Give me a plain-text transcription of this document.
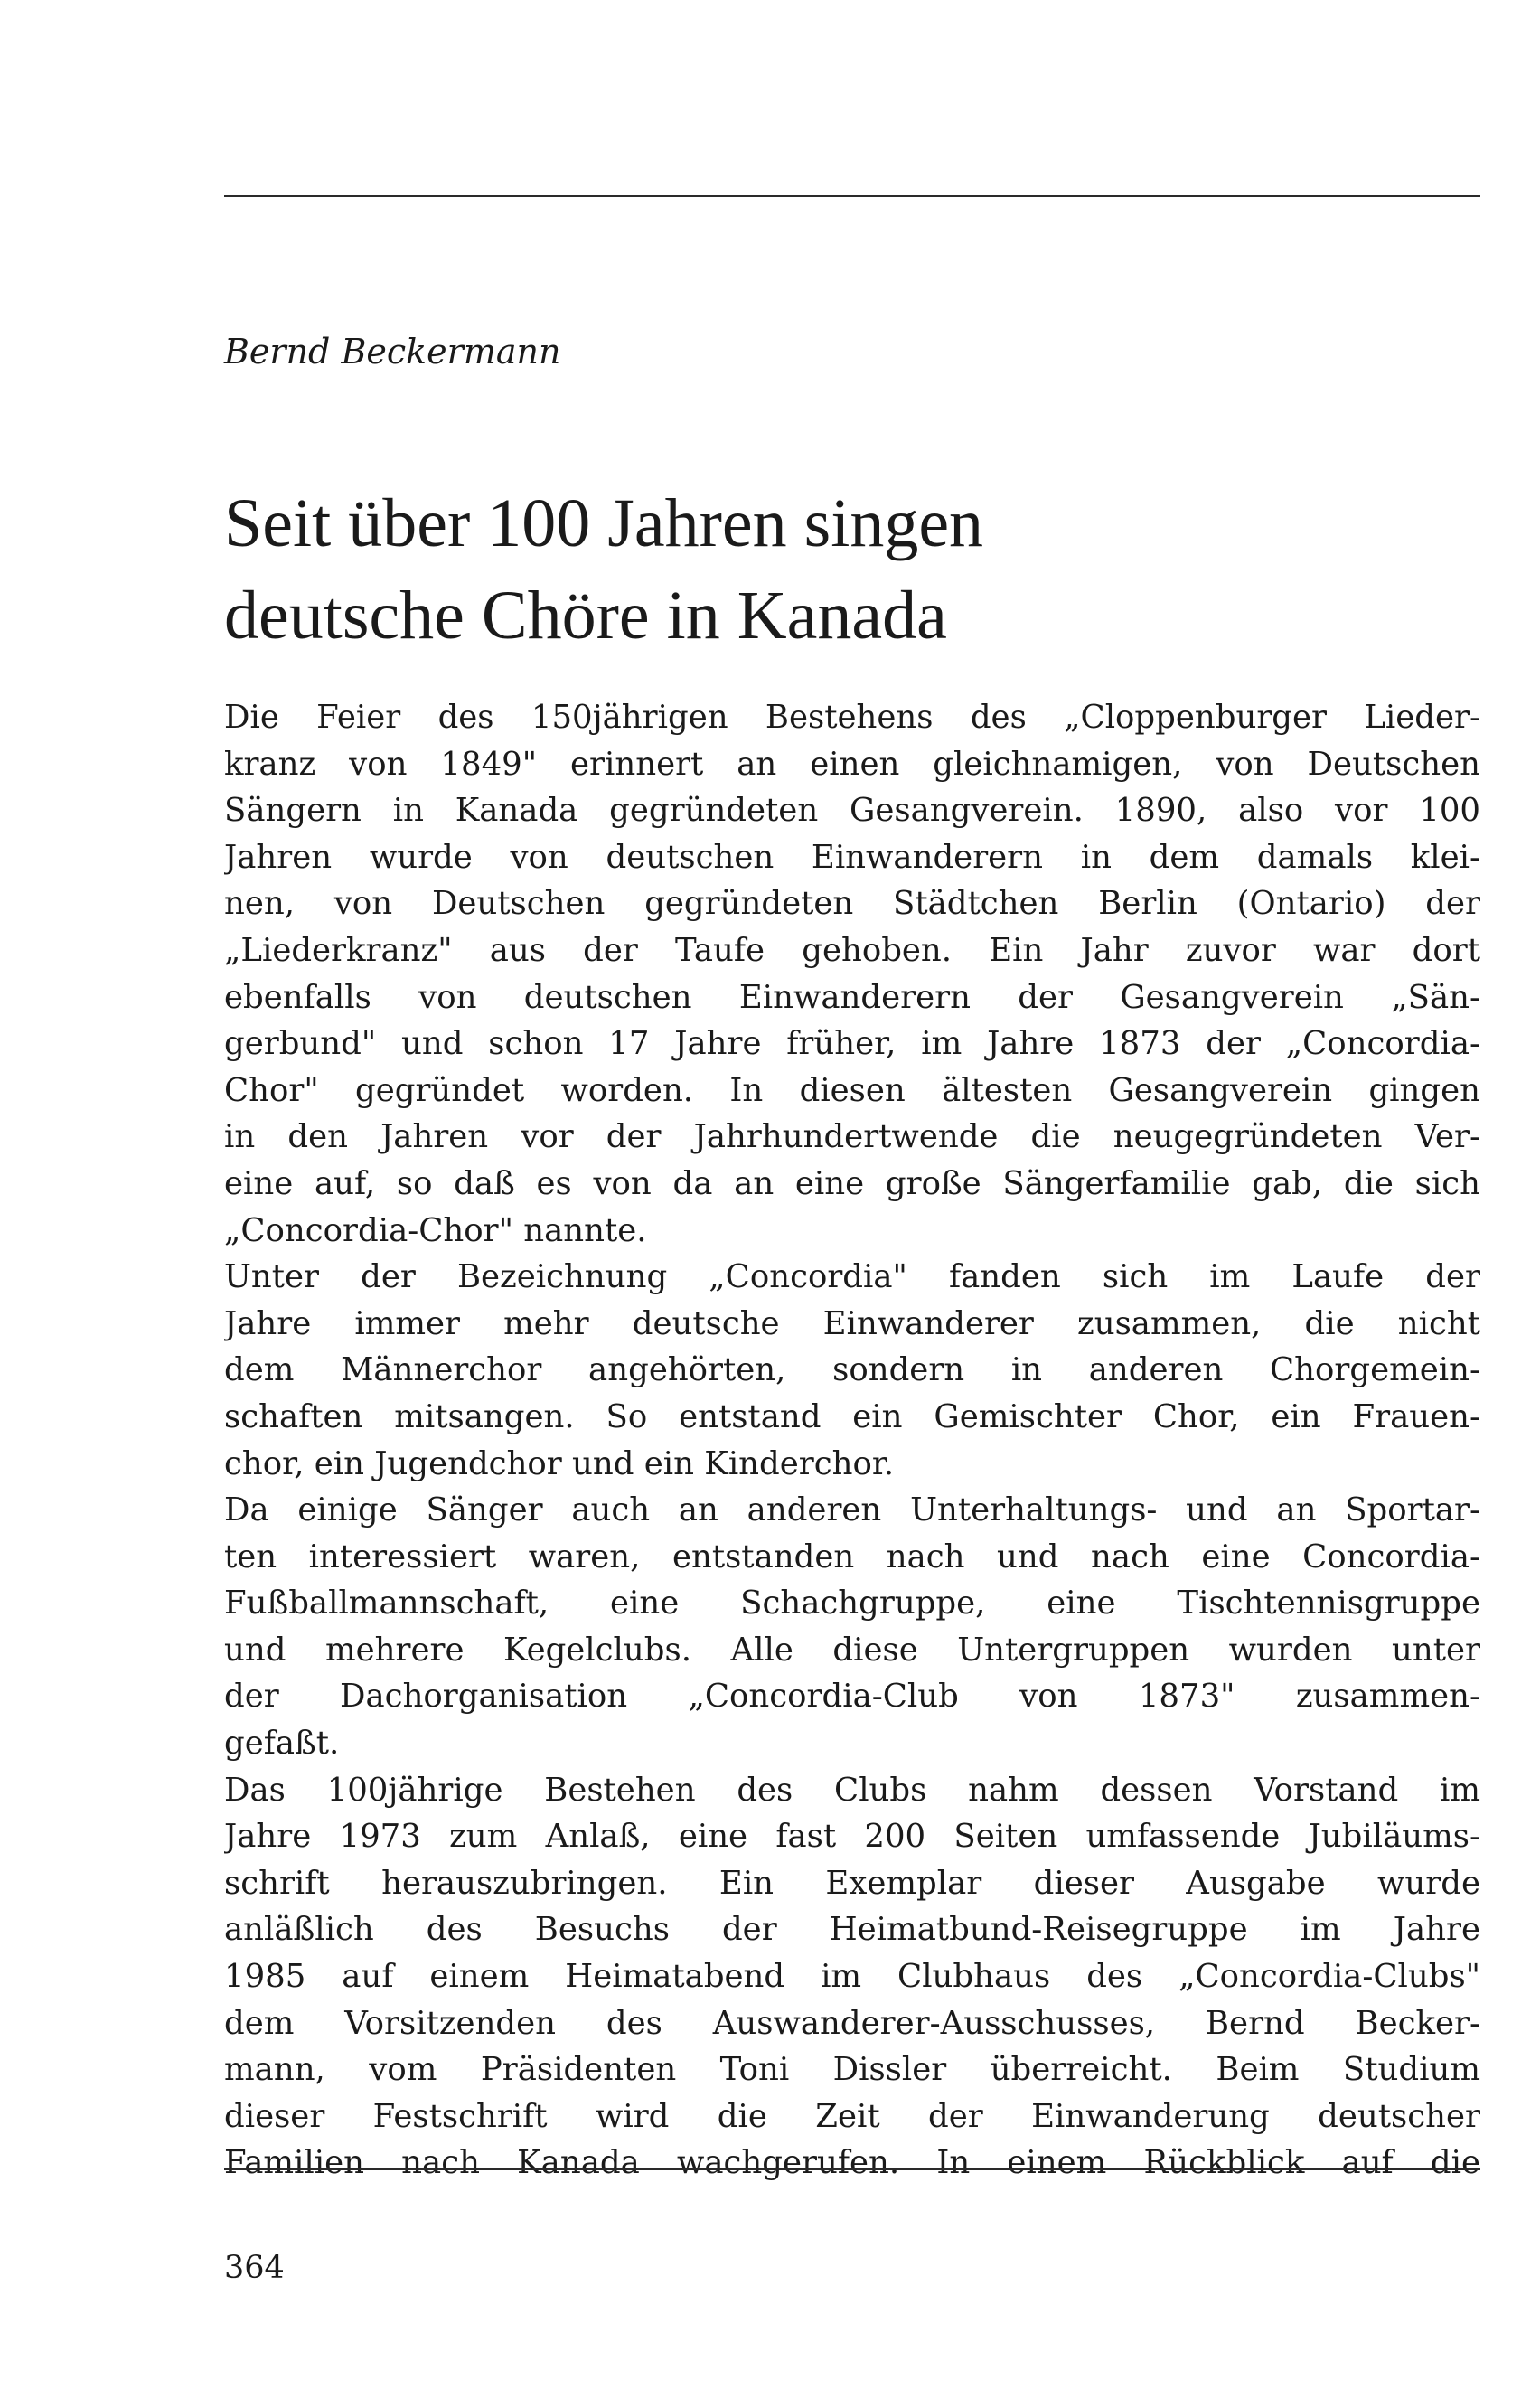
Bernd Beckermann
Seit über 100 Jahren singen
deutsche Chöre in Kanada
Die Feier des 150jährigen Bestehens des „Cloppenburger Lieder-
kranz von 1849" erinnert an einen gleichnamigen, von Deutschen
Sängern in Kanada gegründeten Gesangverein. 1890, also vor 100
Jahren wurde von deutschen Einwanderern in dem damals klei-
nen, von Deutschen gegründeten Städtchen Berlin (Ontario) der
„Liederkranz" aus der Taufe gehoben. Ein Jahr zuvor war dort
ebenfalls von deutschen Einwanderern der Gesangverein „Sän-
gerbund" und schon 17 Jahre früher, im Jahre 1873 der „Concordia-
Chor" gegründet worden. In diesen ältesten Gesangverein gingen
in den Jahren vor der Jahrhundertwende die neugegründeten Ver-
eine auf, so daß es von da an eine große Sängerfamilie gab, die sich
„Concordia-Chor" nannte.
Unter der Bezeichnung „Concordia" fanden sich im Laufe der
Jahre immer mehr deutsche Einwanderer zusammen, die nicht
dem Männerchor angehörten, sondern in anderen Chorgemein-
schaften mitsangen. So entstand ein Gemischter Chor, ein Frauen-
chor, ein Jugendchor und ein Kinderchor.
Da einige Sänger auch an anderen Unterhaltungs- und an Sportar-
ten interessiert waren, entstanden nach und nach eine Concordia-
Fußballmannschaft, eine Schachgruppe, eine Tischtennisgruppe
und mehrere Kegelclubs. Alle diese Untergruppen wurden unter
der Dachorganisation „Concordia-Club von 1873" zusammen-
gefaßt.
Das 100jährige Bestehen des Clubs nahm dessen Vorstand im
Jahre 1973 zum Anlaß, eine fast 200 Seiten umfassende Jubiläums-
schrift herauszubringen. Ein Exemplar dieser Ausgabe wurde
anläßlich des Besuchs der Heimatbund-Reisegruppe im Jahre
1985 auf einem Heimatabend im Clubhaus des „Concordia-Clubs"
dem Vorsitzenden des Auswanderer-Ausschusses, Bernd Becker-
mann, vom Präsidenten Toni Dissler überreicht. Beim Studium
dieser Festschrift wird die Zeit der Einwanderung deutscher
Familien nach Kanada wachgerufen. In einem Rückblick auf die
364
